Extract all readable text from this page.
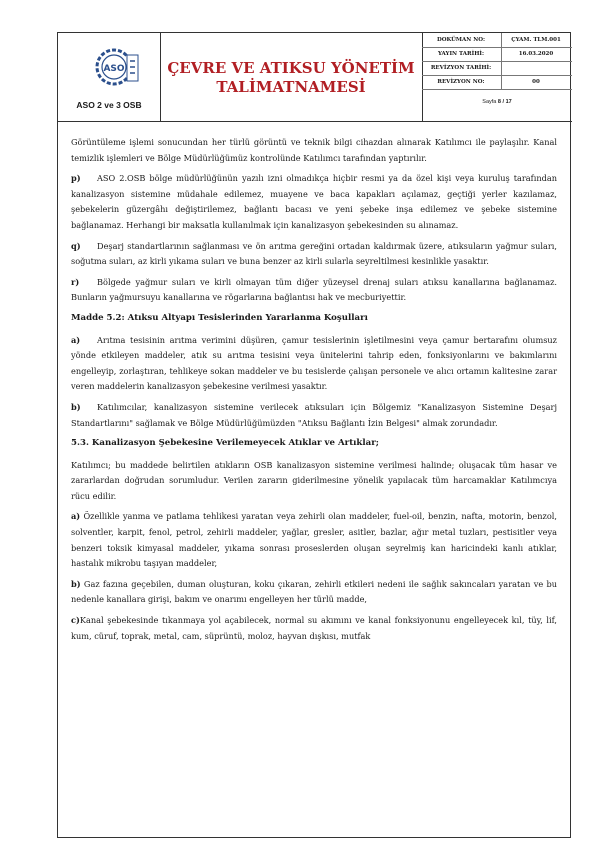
ASO
ASO 2 ve 3 OSB
ÇEVRE VE ATIKSU YÖNETİM
TALİMATNAMESİ
DOKÜMAN NO:	ÇYAM. TLM.001
YAYIN TARİHİ:	16.03.2020
REVİZYON TARİHİ:
REVİZYON NO:	00
Sayfa 8 / 17

Görüntüleme işlemi sonucundan her türlü görüntü ve teknik bilgi cihazdan alınarak Katılımcı ile paylaşılır. Kanal temizlik işlemleri ve Bölge Müdürlüğümüz kontrolünde Katılımcı tarafından yaptırılır.

p) ASO 2.OSB bölge müdürlüğünün yazılı izni olmadıkça hiçbir resmi ya da özel kişi veya kuruluş tarafından kanalizasyon sistemine müdahale edilemez, muayene ve baca kapakları açılamaz, geçtiği yerler kazılamaz, şebekelerin güzergâhı değiştirilemez, bağlantı bacası ve yeni şebeke inşa edilemez ve şebeke sistemine bağlanamaz. Herhangi bir maksatla kullanılmak için kanalizasyon şebekesinden su alınamaz.

q) Deşarj standartlarının sağlanması ve ön arıtma gereğini ortadan kaldırmak üzere, atıksuların yağmur suları, soğutma suları, az kirli yıkama suları ve buna benzer az kirli sularla seyreltilmesi kesinlikle yasaktır.

r) Bölgede yağmur suları ve kirli olmayan tüm diğer yüzeysel drenaj suları atıksu kanallarına bağlanamaz. Bunların yağmursuyu kanallarına ve rögarlarına bağlantısı hak ve mecburiyettir.

Madde 5.2: Atıksu Altyapı Tesislerinden Yararlanma Koşulları

a) Arıtma tesisinin arıtma verimini düşüren, çamur tesislerinin işletilmesini veya çamur bertarafını olumsuz yönde etkileyen maddeler, atık su arıtma tesisini veya ünitelerini tahrip eden, fonksiyonlarını ve bakımlarını engelleyip, zorlaştıran, tehlikeye sokan maddeler ve bu tesislerde çalışan personele ve alıcı ortamın kalitesine zarar veren maddelerin kanalizasyon şebekesine verilmesi yasaktır.

b) Katılımcılar, kanalizasyon sistemine verilecek atıksuları için Bölgemiz "Kanalizasyon Sistemine Deşarj Standartlarını" sağlamak ve Bölge Müdürlüğümüzden "Atıksu Bağlantı İzin Belgesi" almak zorundadır.

5.3. Kanalizasyon Şebekesine Verilemeyecek Atıklar ve Artıklar;

Katılımcı; bu maddede belirtilen atıkların OSB kanalizasyon sistemine verilmesi halinde; oluşacak tüm hasar ve zararlardan doğrudan sorumludur. Verilen zararın giderilmesine yönelik yapılacak tüm harcamaklar Katılımcıya rücu edilir.

a) Özellikle yanma ve patlama tehlikesi yaratan veya zehirli olan maddeler, fuel-oil, benzin, nafta, motorin, benzol, solventler, karpit, fenol, petrol, zehirli maddeler, yağlar, gresler, asitler, bazlar, ağır metal tuzları, pestisitler veya benzeri toksik kimyasal maddeler, yıkama sonrası proseslerden oluşan seyrelmiş kan haricindeki kanlı atıklar, hastalık mikrobu taşıyan maddeler,

b) Gaz fazına geçebilen, duman oluşturan, koku çıkaran, zehirli etkileri nedeni ile sağlık sakıncaları yaratan ve bu nedenle kanallara girişi, bakım ve onarımı engelleyen her türlü madde,

c)Kanal şebekesinde tıkanmaya yol açabilecek, normal su akımını ve kanal fonksiyonunu engelleyecek kıl, tüy, lif, kum, cüruf, toprak, metal, cam, süprüntü, moloz, hayvan dışkısı, mutfak
